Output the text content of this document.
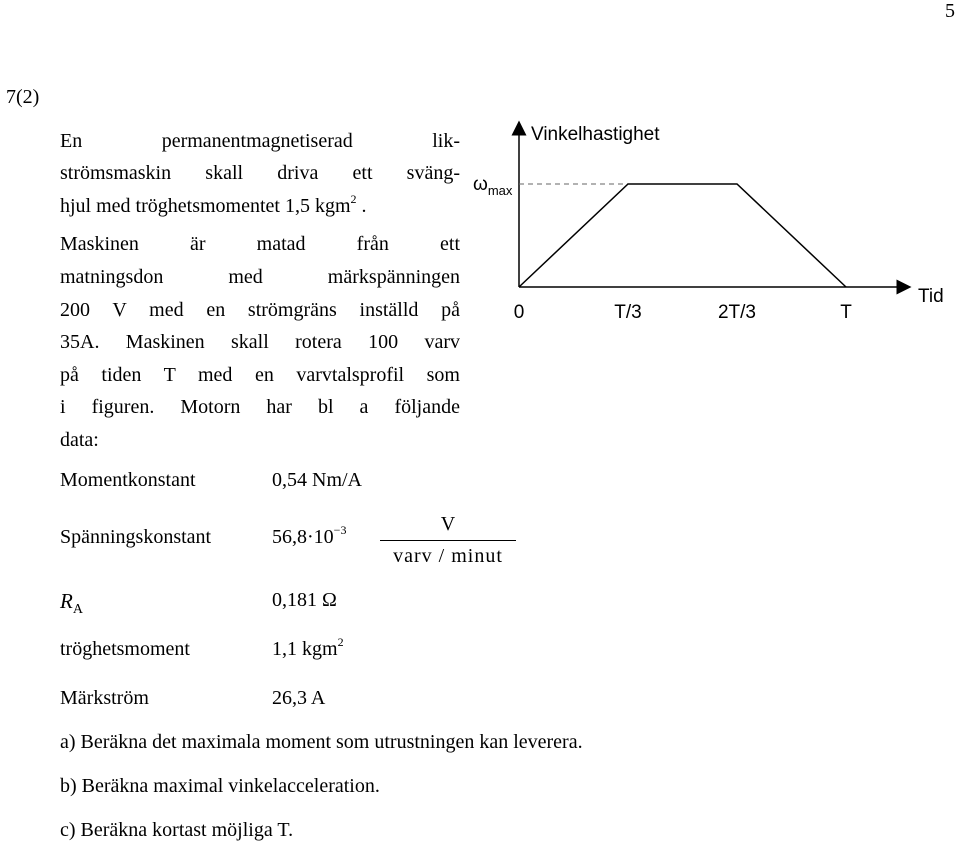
5
7(2)
En permanentmagnetiserad lik-
strömsmaskin skall driva ett sväng-
hjul med tröghetsmomentet 1,5 kgm$^2$ .
Maskinen är matad från ett
matningsdon med märkspänningen
200 V med en strömgräns inställd på
35A. Maskinen skall rotera 100 varv
på tiden T med en varvtalsprofil som
i figuren. Motorn har bl a följande
data:
Momentkonstant	0,54 Nm/A
Spänningskonstant	$56,8\cdot 10^{-3}$	V
varv / minut
$R_A$	0,181 Ω
tröghetsmoment	1,1 kgm$^2$
Märkström	26,3 A
a) Beräkna det maximala moment som utrustningen kan leverera.
b) Beräkna maximal vinkelacceleration.
c) Beräkna kortast möjliga T.
Vinkelhastighet
Tid
$\omega_{max}$
0	T/3	2T/3	T
